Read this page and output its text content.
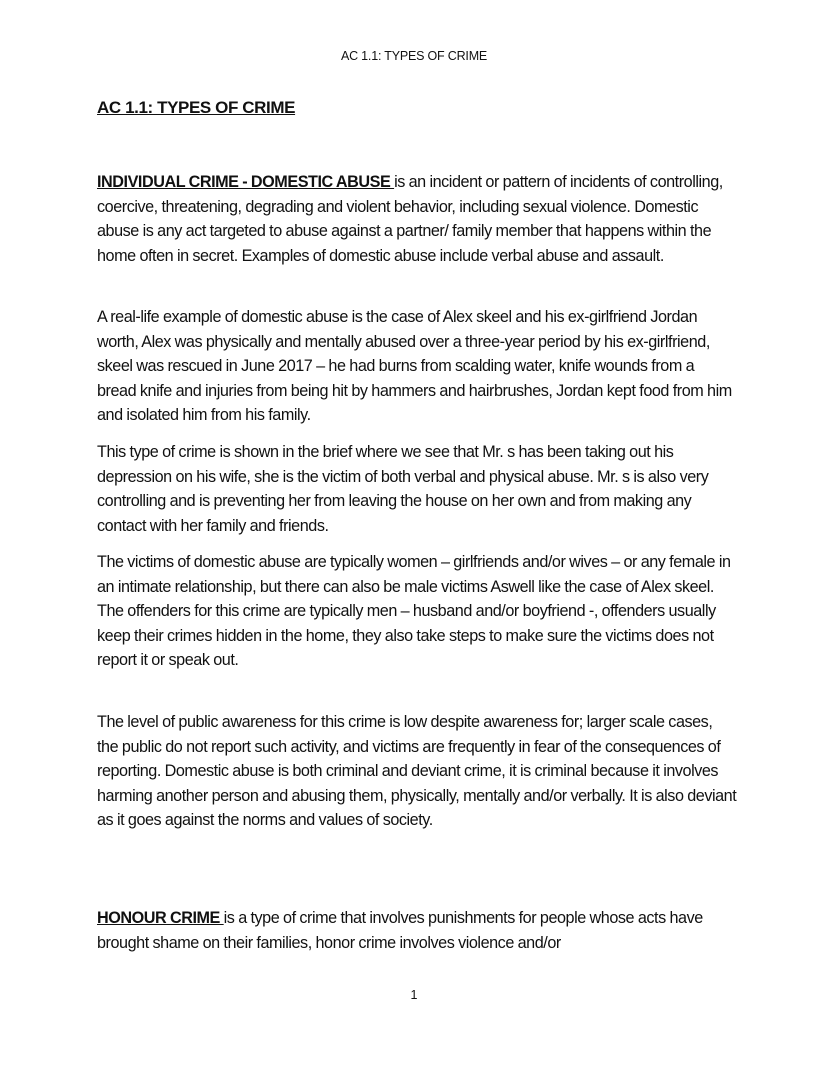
AC 1.1: TYPES OF CRIME
AC 1.1: TYPES OF CRIME

INDIVIDUAL CRIME - DOMESTIC ABUSE is an incident or pattern of incidents of controlling, coercive, threatening, degrading and violent behavior, including sexual violence. Domestic abuse is any act targeted to abuse against a partner/ family member that happens within the home often in secret. Examples of domestic abuse include verbal abuse and assault.

A real-life example of domestic abuse is the case of Alex skeel and his ex-girlfriend Jordan worth, Alex was physically and mentally abused over a three-year period by his ex-girlfriend, skeel was rescued in June 2017 – he had burns from scalding water, knife wounds from a bread knife and injuries from being hit by hammers and hairbrushes, Jordan kept food from him and isolated him from his family.

This type of crime is shown in the brief where we see that Mr. s has been taking out his depression on his wife, she is the victim of both verbal and physical abuse. Mr. s is also very controlling and is preventing her from leaving the house on her own and from making any contact with her family and friends.

The victims of domestic abuse are typically women – girlfriends and/or wives – or any female in an intimate relationship, but there can also be male victims Aswell like the case of Alex skeel. The offenders for this crime are typically men – husband and/or boyfriend -, offenders usually keep their crimes hidden in the home, they also take steps to make sure the victims does not report it or speak out.

The level of public awareness for this crime is low despite awareness for; larger scale cases, the public do not report such activity, and victims are frequently in fear of the consequences of reporting. Domestic abuse is both criminal and deviant crime, it is criminal because it involves harming another person and abusing them, physically, mentally and/or verbally. It is also deviant as it goes against the norms and values of society.

HONOUR CRIME is a type of crime that involves punishments for people whose acts have brought shame on their families, honor crime involves violence and/or

1
